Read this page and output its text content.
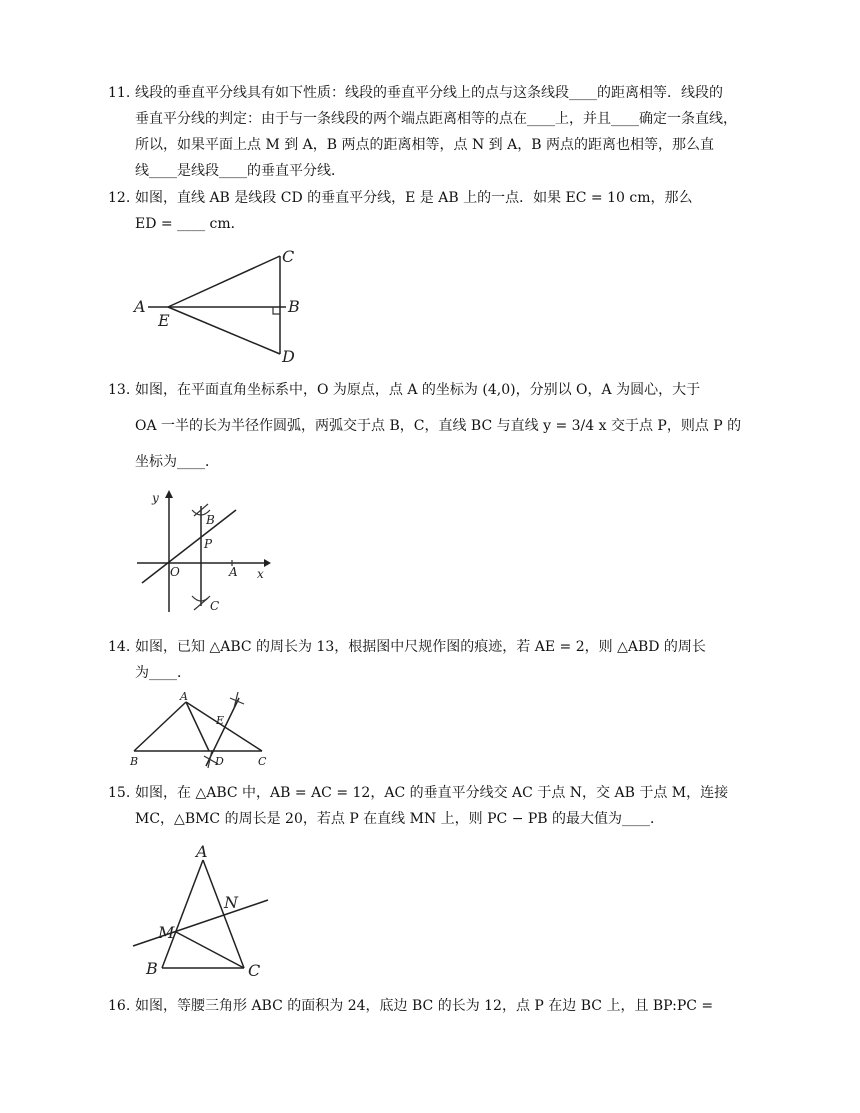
11. 线段的垂直平分线具有如下性质：线段的垂直平分线上的点与这条线段____的距离相等．线段的
垂直平分线的判定：由于与一条线段的两个端点距离相等的点在____上，并且____确定一条直线，
所以，如果平面上点 M 到 A，B 两点的距离相等，点 N 到 A，B 两点的距离也相等，那么直
线____是线段____的垂直平分线．
12. 如图，直线 AB 是线段 CD 的垂直平分线，E 是 AB 上的一点．如果 EC = 10 cm，那么
ED = ____ cm．
A	B
C
D
E
13. 如图，在平面直角坐标系中，O 为原点，点 A 的坐标为 (4,0)，分别以 O，A 为圆心，大于
OA 一半的长为半径作圆弧，两弧交于点 B，C，直线 BC 与直线 y = 3/4 x 交于点 P，则点 P 的
坐标为____．
y
x
O	A
B
P
C
14. 如图，已知 △ABC 的周长为 13，根据图中尺规作图的痕迹，若 AE = 2，则 △ABD 的周长
为____．
A
B	C
D
E
15. 如图，在 △ABC 中，AB = AC = 12，AC 的垂直平分线交 AC 于点 N，交 AB 于点 M，连接
MC，△BMC 的周长是 20，若点 P 在直线 MN 上，则 PC − PB 的最大值为____．
A
B	C
M
N
16. 如图，等腰三角形 ABC 的面积为 24，底边 BC 的长为 12，点 P 在边 BC 上，且 BP:PC =
